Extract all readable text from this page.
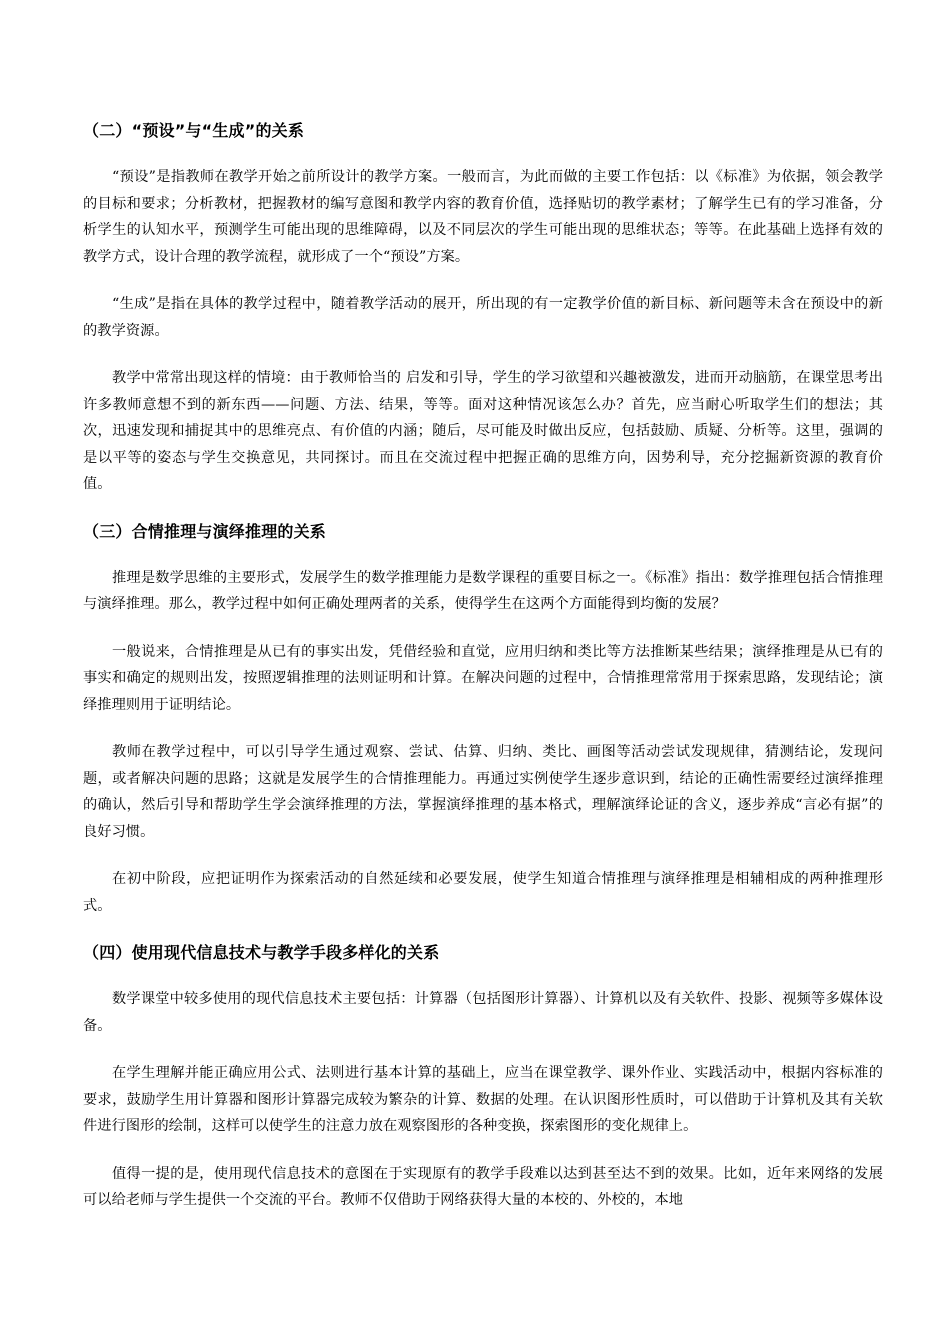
（二）“预设”与“生成”的关系

“预设”是指教师在教学开始之前所设计的教学方案。一般而言，为此而做的主要工作包括：以《标准》为依据，领会教学的目标和要求；分析教材，把握教材的编写意图和教学内容的教育价值，选择贴切的教学素材；了解学生已有的学习准备，分析学生的认知水平，预测学生可能出现的思维障碍，以及不同层次的学生可能出现的思维状态；等等。在此基础上选择有效的教学方式，设计合理的教学流程，就形成了一个“预设”方案。

“生成”是指在具体的教学过程中，随着教学活动的展开，所出现的有一定教学价值的新目标、新问题等未含在预设中的新的教学资源。

教学中常常出现这样的情境：由于教师恰当的 启发和引导，学生的学习欲望和兴趣被激发，进而开动脑筋，在课堂思考出许多教师意想不到的新东西——问题、方法、结果，等等。面对这种情况该怎么办？首先，应当耐心听取学生们的想法；其次，迅速发现和捕捉其中的思维亮点、有价值的内涵；随后，尽可能及时做出反应，包括鼓励、质疑、分析等。这里，强调的是以平等的姿态与学生交换意见，共同探讨。而且在交流过程中把握正确的思维方向，因势利导，充分挖掘新资源的教育价值。

（三）合情推理与演绎推理的关系

推理是数学思维的主要形式，发展学生的数学推理能力是数学课程的重要目标之一。《标准》指出：数学推理包括合情推理与演绎推理。那么，教学过程中如何正确处理两者的关系，使得学生在这两个方面能得到均衡的发展？

一般说来，合情推理是从已有的事实出发，凭借经验和直觉，应用归纳和类比等方法推断某些结果；演绎推理是从已有的事实和确定的规则出发，按照逻辑推理的法则证明和计算。在解决问题的过程中，合情推理常常用于探索思路，发现结论；演绎推理则用于证明结论。

教师在教学过程中，可以引导学生通过观察、尝试、估算、归纳、类比、画图等活动尝试发现规律，猜测结论，发现问题，或者解决问题的思路；这就是发展学生的合情推理能力。再通过实例使学生逐步意识到，结论的正确性需要经过演绎推理的确认，然后引导和帮助学生学会演绎推理的方法，掌握演绎推理的基本格式，理解演绎论证的含义，逐步养成“言必有据”的良好习惯。

在初中阶段，应把证明作为探索活动的自然延续和必要发展，使学生知道合情推理与演绎推理是相辅相成的两种推理形式。

（四）使用现代信息技术与教学手段多样化的关系

数学课堂中较多使用的现代信息技术主要包括：计算器（包括图形计算器）、计算机以及有关软件、投影、视频等多媒体设备。

在学生理解并能正确应用公式、法则进行基本计算的基础上，应当在课堂教学、课外作业、实践活动中，根据内容标准的要求，鼓励学生用计算器和图形计算器完成较为繁杂的计算、数据的处理。在认识图形性质时，可以借助于计算机及其有关软件进行图形的绘制，这样可以使学生的注意力放在观察图形的各种变换，探索图形的变化规律上。

值得一提的是，使用现代信息技术的意图在于实现原有的教学手段难以达到甚至达不到的效果。比如，近年来网络的发展可以给老师与学生提供一个交流的平台。教师不仅借助于网络获得大量的本校的、外校的，本地
